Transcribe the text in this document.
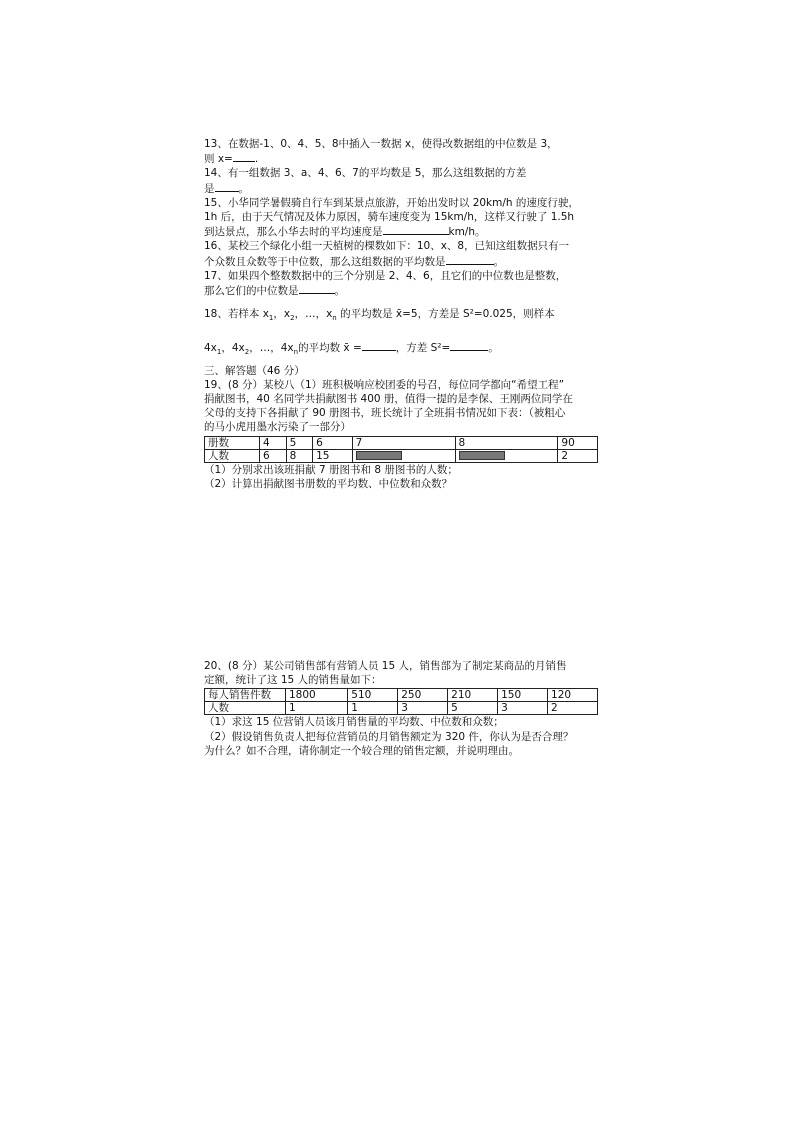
13、在数据-1、0、4、5、8中插入一数据 x，使得改数据组的中位数是 3，
则 x= .

14、有一组数据 3、a、4、6、7的平均数是 5，那么这组数据的方差
是 。

15、小华同学暑假骑自行车到某景点旅游，开始出发时以 20km/h 的速度行驶，
1h 后，由于天气情况及体力原因，骑车速度变为 15km/h，这样又行驶了 1.5h
到达景点，那么小华去时的平均速度是	km/h。

16、某校三个绿化小组一天植树的棵数如下：10、x、8，已知这组数据只有一
个众数且众数等于中位数，那么这组数据的平均数是	。

17、如果四个整数数据中的三个分别是 2、4、6，且它们的中位数也是整数，
那么它们的中位数是	。

18、若样本 $x_1$，$x_2$，…，$x_n$ 的平均数是 x̄=5，方差是 S²=0.025，则样本

$4x_1$，$4x_2$，…，$4x_n$的平均数 x̄ =	，方差 S²=	。

三、解答题（46 分）

19、(8 分）某校八（1）班积极响应校团委的号召，每位同学都向“希望工程”
捐献图书，40 名同学共捐献图书 400 册，值得一提的是李保、王刚两位同学在
父母的支持下各捐献了 90 册图书，班长统计了全班捐书情况如下表：（被粗心
的马小虎用墨水污染了一部分）

册数	4	5	6	7	8	90
人数	6	8	15			2

（1）分别求出该班捐献 7 册图书和 8 册图书的人数；

（2）计算出捐献图书册数的平均数、中位数和众数？

20、(8 分）某公司销售部有营销人员 15 人，销售部为了制定某商品的月销售
定额，统计了这 15 人的销售量如下：

每人销售件数	1800	510	250	210	150	120
人数	1	1	3	5	3	2

（1）求这 15 位营销人员该月销售量的平均数、中位数和众数；

（2）假设销售负责人把每位营销员的月销售额定为 320 件，你认为是否合理？
为什么？如不合理，请你制定一个较合理的销售定额，并说明理由。
